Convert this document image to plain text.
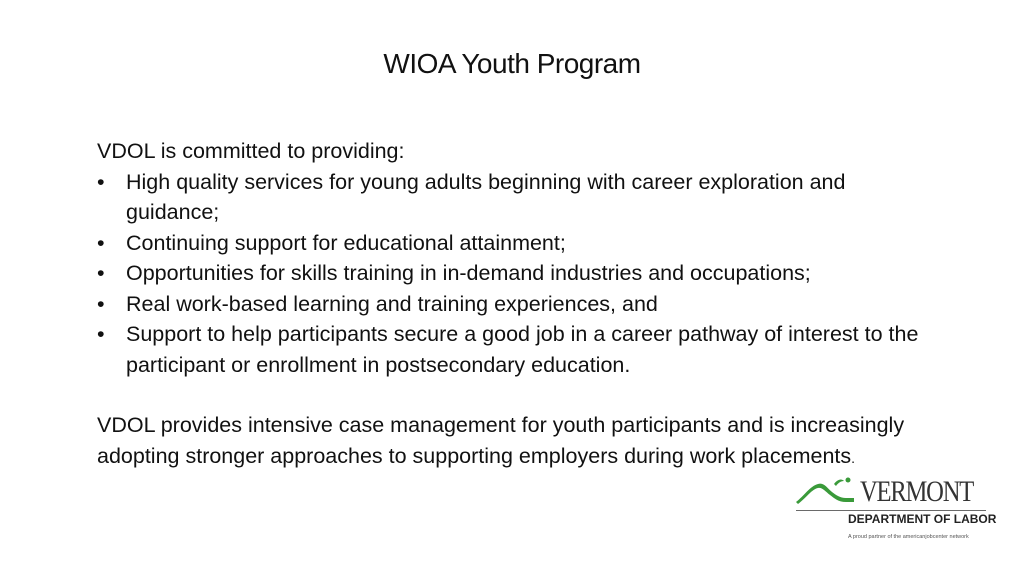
WIOA Youth Program

VDOL is committed to providing:

• High quality services for young adults beginning with career exploration and guidance;
• Continuing support for educational attainment;
• Opportunities for skills training in in-demand industries and occupations;
• Real work-based learning and training experiences, and
• Support to help participants secure a good job in a career pathway of interest to the participant or enrollment in postsecondary education.

VDOL provides intensive case management for youth participants and is increasingly adopting stronger approaches to supporting employers during work placements.

VERMONT
DEPARTMENT OF LABOR
A proud partner of the americanjobcenter network
